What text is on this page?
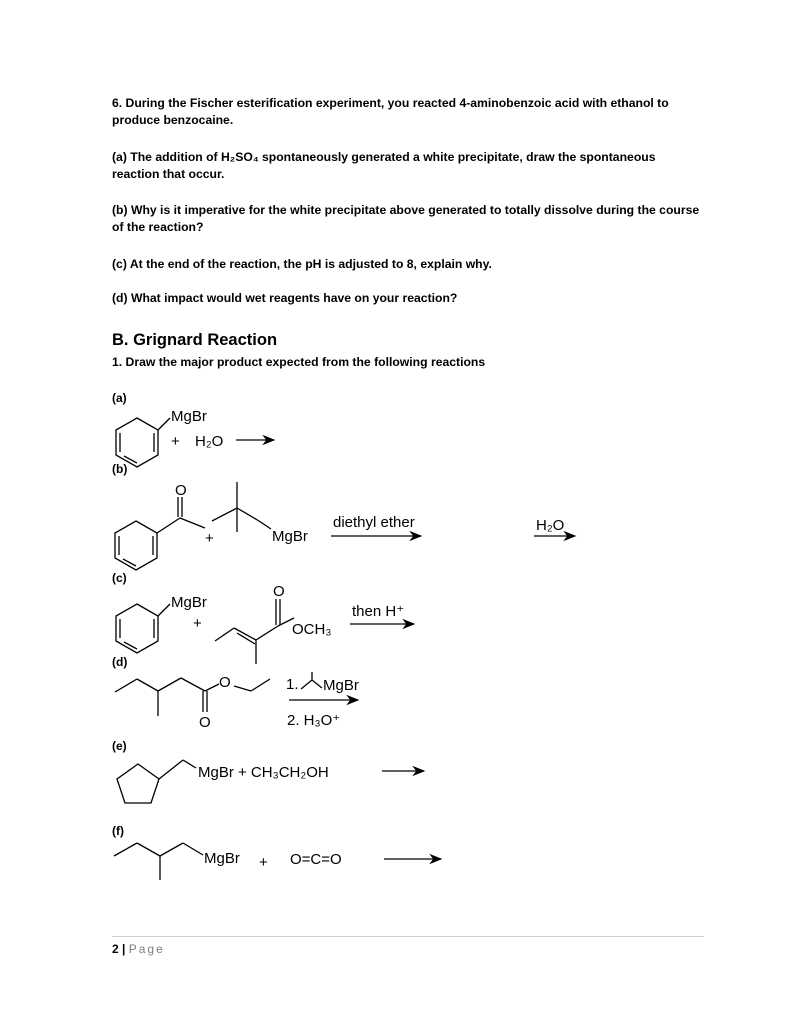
6. During the Fischer esterification experiment, you reacted 4-aminobenzoic acid with ethanol to produce benzocaine.
(a) The addition of H₂SO₄ spontaneously generated a white precipitate, draw the spontaneous reaction that occur.
(b) Why is it imperative for the white precipitate above generated to totally dissolve during the course of the reaction?
(c) At the end of the reaction, the pH is adjusted to 8, explain why.
(d) What impact would wet reagents have on your reaction?
B. Grignard Reaction
1. Draw the major product expected from the following reactions
(a)
(b)
(c)
(d)
(e)
(f)
MgBr
+ H₂O
O
+	MgBr
diethyl ether	H₂O
MgBr
+
O
OCH₃
then H⁺
O
O	1. MgBr
2. H₃O⁺
MgBr + CH₃CH₂OH
MgBr + O=C=O
2 | Page
